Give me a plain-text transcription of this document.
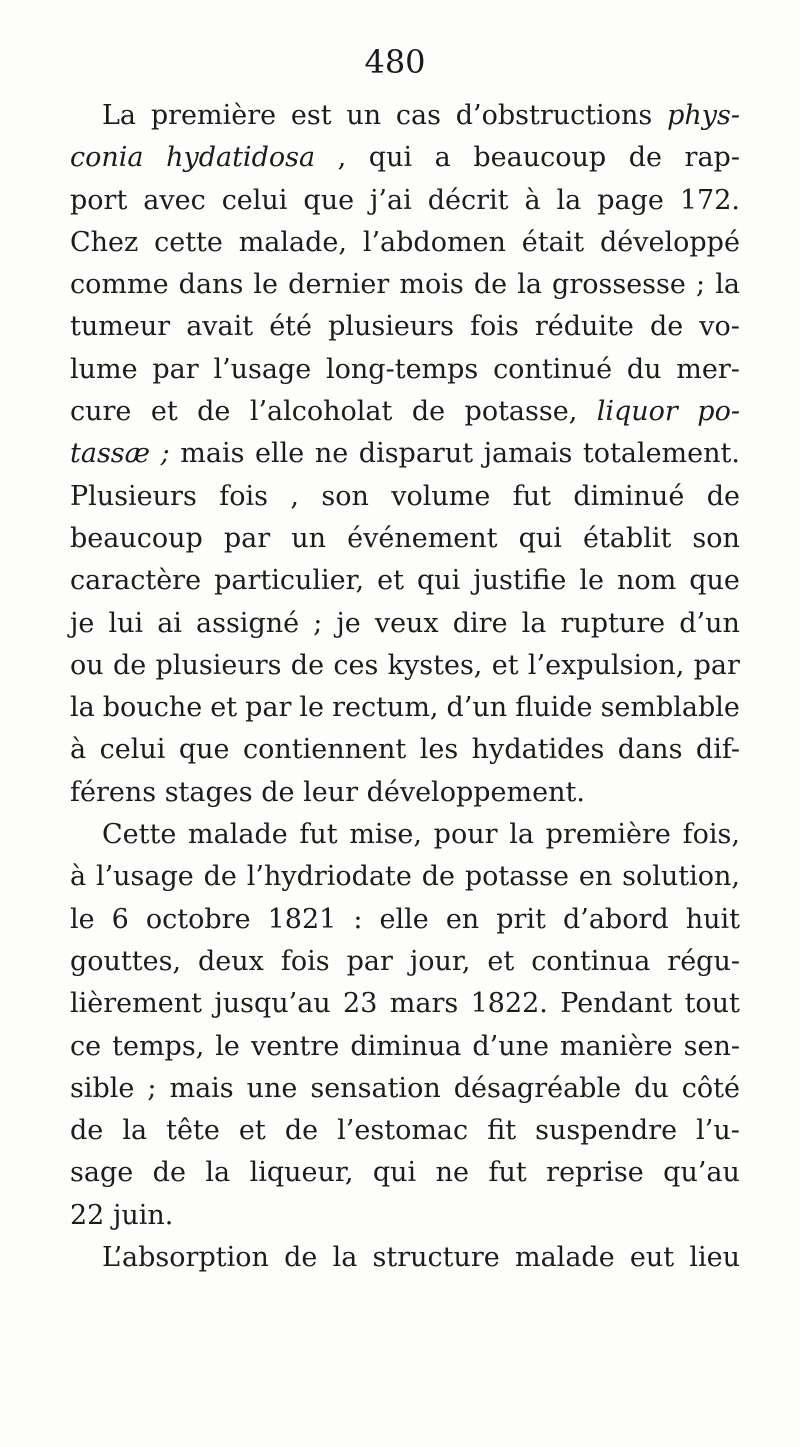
480
La première est un cas d’obstructions phys-
conia hydatidosa , qui a beaucoup de rap-
port avec celui que j’ai décrit à la page 172.
Chez cette malade, l’abdomen était développé
comme dans le dernier mois de la grossesse ; la
tumeur avait été plusieurs fois réduite de vo-
lume par l’usage long-temps continué du mer-
cure et de l’alcoholat de potasse, liquor po-
tassæ ; mais elle ne disparut jamais totalement.
Plusieurs fois , son volume fut diminué de
beaucoup par un événement qui établit son
caractère particulier, et qui justifie le nom que
je lui ai assigné ; je veux dire la rupture d’un
ou de plusieurs de ces kystes, et l’expulsion, par
la bouche et par le rectum, d’un fluide semblable
à celui que contiennent les hydatides dans dif-
férens stages de leur développement.
Cette malade fut mise, pour la première fois,
à l’usage de l’hydriodate de potasse en solution,
le 6 octobre 1821 : elle en prit d’abord huit
gouttes, deux fois par jour, et continua régu-
lièrement jusqu’au 23 mars 1822. Pendant tout
ce temps, le ventre diminua d’une manière sen-
sible ; mais une sensation désagréable du côté
de la tête et de l’estomac fit suspendre l’u-
sage de la liqueur, qui ne fut reprise qu’au
22 juin.
L’absorption de la structure malade eut lieu
